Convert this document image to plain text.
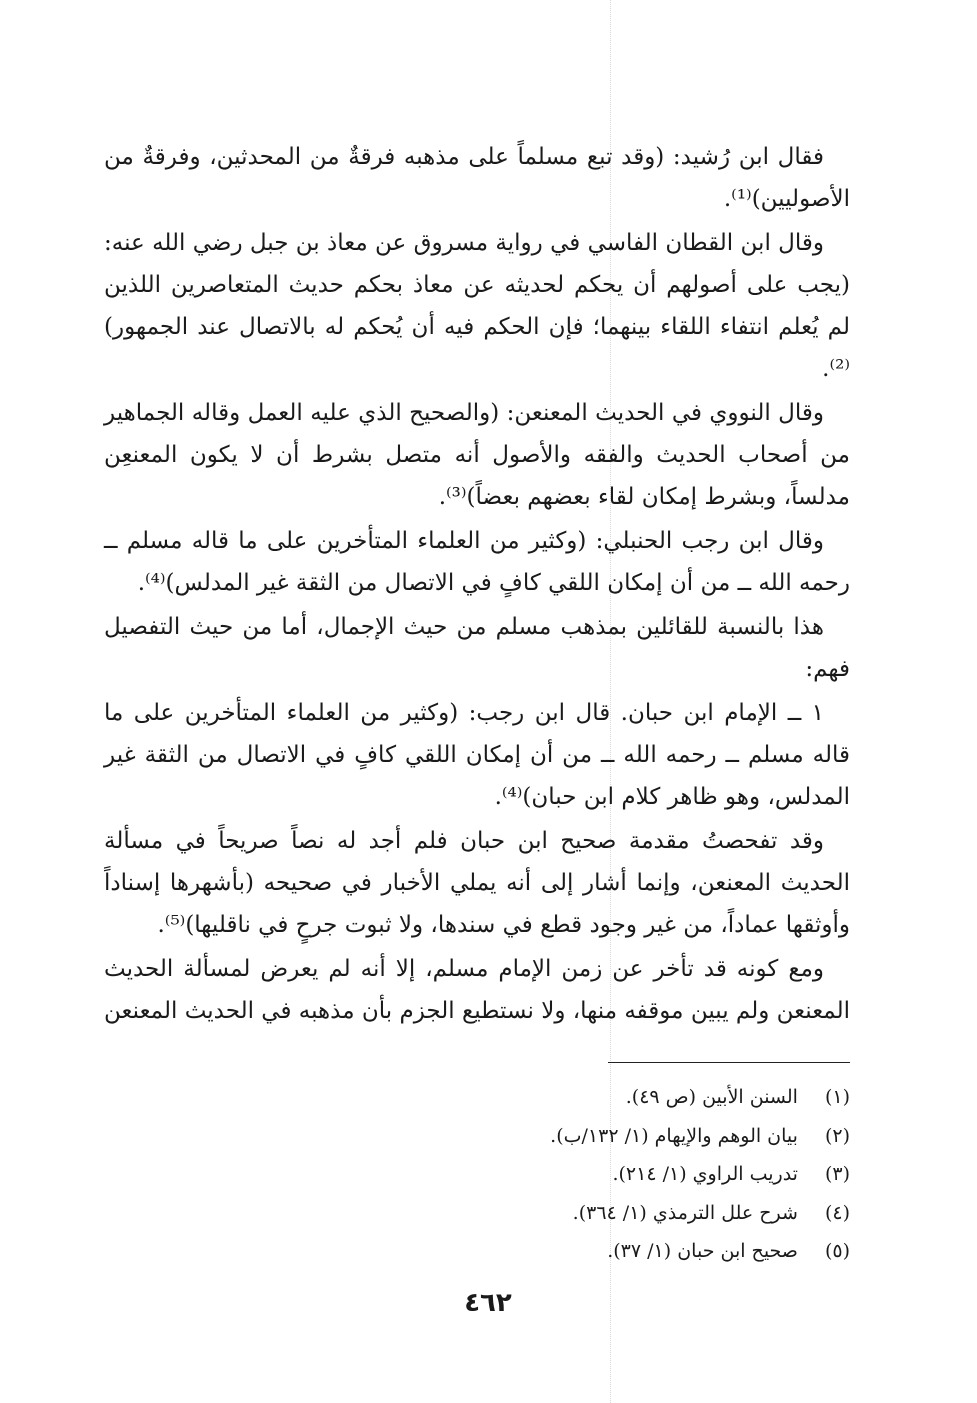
فقال ابن رُشيد: (وقد تبع مسلماً على مذهبه فرقةٌ من المحدثين، وفرقةٌ من الأصوليين)⁽¹⁾.

وقال ابن القطان الفاسي في رواية مسروق عن معاذ بن جبل رضي الله عنه: (يجب على أصولهم أن يحكم لحديثه عن معاذ بحكم حديث المتعاصرين اللذين لم يُعلم انتفاء اللقاء بينهما؛ فإن الحكم فيه أن يُحكم له بالاتصال عند الجمهور)⁽²⁾.

وقال النووي في الحديث المعنعن: (والصحيح الذي عليه العمل وقاله الجماهير من أصحاب الحديث والفقه والأصول أنه متصل بشرط أن لا يكون المعنعِن مدلساً، وبشرط إمكان لقاء بعضهم بعضاً)⁽³⁾.

وقال ابن رجب الحنبلي: (وكثير من العلماء المتأخرين على ما قاله مسلم ــ رحمه الله ــ من أن إمكان اللقي كافٍ في الاتصال من الثقة غير المدلس)⁽⁴⁾.

هذا بالنسبة للقائلين بمذهب مسلم من حيث الإجمال، أما من حيث التفصيل فهم:

١ ــ الإمام ابن حبان. قال ابن رجب: (وكثير من العلماء المتأخرين على ما قاله مسلم ــ رحمه الله ــ من أن إمكان اللقي كافٍ في الاتصال من الثقة غير المدلس، وهو ظاهر كلام ابن حبان)⁽⁴⁾.

وقد تفحصتُ مقدمة صحيح ابن حبان فلم أجد له نصاً صريحاً في مسألة الحديث المعنعن، وإنما أشار إلى أنه يملي الأخبار في صحيحه (بأشهرها إسناداً وأوثقها عماداً، من غير وجود قطع في سندها، ولا ثبوت جرحٍ في ناقليها)⁽⁵⁾.

ومع كونه قد تأخر عن زمن الإمام مسلم، إلا أنه لم يعرض لمسألة الحديث المعنعن ولم يبين موقفه منها، ولا نستطيع الجزم بأن مذهبه في الحديث المعنعن

(١) السنن الأبين (ص ٤٩).
(٢) بيان الوهم والإيهام (١/ ١٣٢/ب).
(٣) تدريب الراوي (١/ ٢١٤).
(٤) شرح علل الترمذي (١/ ٣٦٤).
(٥) صحيح ابن حبان (١/ ٣٧).
٤٦٢
